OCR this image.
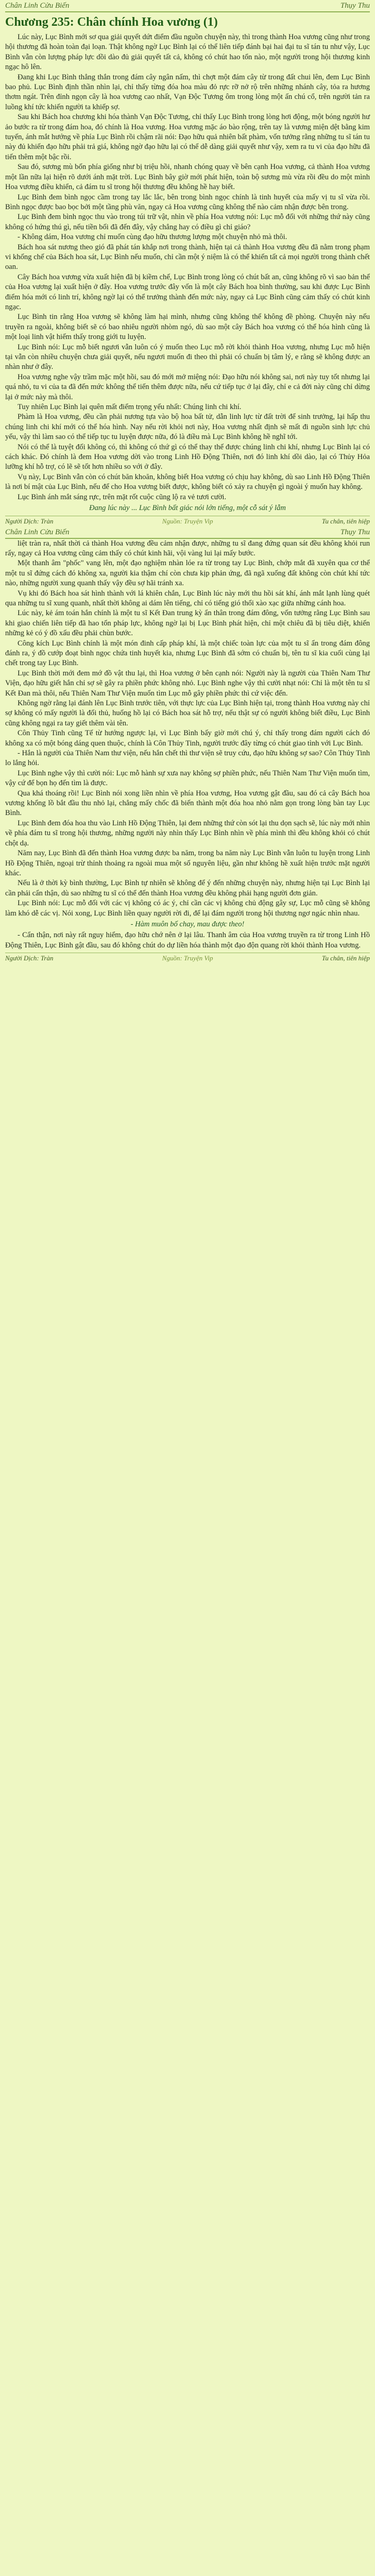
Chân Linh Cửu Biến	Thụy Thu
Chương 235: Chân chính Hoa vương (1)

Lúc này, Lục Bình mới sơ qua giải quyết dứt điểm đầu nguồn chuyện này, thì trong thành Hoa vương cũng như trong hội thương đã hoàn toàn đại loạn. Thật không ngờ Lục Bình lại có thể liên tiếp đánh bại hai đại tu sĩ tán tu như vậy, Lục Bình vẫn còn lượng pháp lực dồi dào đủ giải quyết tất cả, không có chút hao tổn nào, một người trong hội thương kinh ngạc hô lên.

Đang khi Lục Bình thẳng thắn trong đám cây ngân nấm, thì chợt một đám cây từ trong đất chui lên, đem Lục Bình bao phủ. Lục Bình định thần nhìn lại, chỉ thấy từng đóa hoa màu đỏ rực rỡ nở rộ trên những nhánh cây, tỏa ra hương thơm ngát. Trên đỉnh ngọn cây là hoa vương cao nhất, Vạn Độc Tương ôm trong lòng một ấn chú cổ, trên người tản ra luồng khí tức khiến người ta khiếp sợ.

Sau khi Bách hoa chương khi hóa thành Vạn Độc Tương, chỉ thấy Lục Bình trong lòng hơi động, một bóng người hư ảo bước ra từ trong đám hoa, đó chính là Hoa vương. Hoa vương mặc áo bào rộng, trên tay là vương miện dệt bằng kim tuyến, ánh mắt hướng về phía Lục Bình rồi chậm rãi nói: Đạo hữu quả nhiên bất phàm, vốn tưởng rằng những tu sĩ tán tu này đủ khiến đạo hữu phải trả giá, không ngờ đạo hữu lại có thể dễ dàng giải quyết như vậy, xem ra tu vi của đạo hữu đã tiến thêm một bậc rồi.

Sau đó, sương mù bốn phía giống như bị triệu hồi, nhanh chóng quay về bên cạnh Hoa vương, cả thành Hoa vương một lần nữa lại hiện rõ dưới ánh mặt trời. Lục Bình bây giờ mới phát hiện, toàn bộ sương mù vừa rồi đều do một mình Hoa vương điều khiển, cả đám tu sĩ trong hội thương đều không hề hay biết.

Lục Bình đem bình ngọc cầm trong tay lắc lắc, bên trong bình ngọc chính là tinh huyết của mấy vị tu sĩ vừa rồi. Bình ngọc được bao bọc bởi một tầng phù văn, ngay cả Hoa vương cũng không thể nào cảm nhận được bên trong.

Lục Bình đem bình ngọc thu vào trong túi trữ vật, nhìn về phía Hoa vương nói: Lục mỗ đối với những thứ này cũng không có hứng thú gì, nếu tiền bối đã đến đây, vậy chẳng hay có điều gì chỉ giáo?

- Không dám, Hoa vương chỉ muốn cùng đạo hữu thương lượng một chuyện nhỏ mà thôi.

Bách hoa sát nương theo gió đã phát tán khắp nơi trong thành, hiện tại cả thành Hoa vương đều đã nằm trong phạm vi khống chế của Bách hoa sát, Lục Bình nếu muốn, chỉ cần một ý niệm là có thể khiến tất cả mọi người trong thành chết oan.

Cây Bách hoa vương vừa xuất hiện đã bị kiềm chế, Lục Bình trong lòng có chút bất an, cũng không rõ vì sao bản thể của Hoa vương lại xuất hiện ở đây. Hoa vương trước đây vốn là một cây Bách hoa bình thường, sau khi được Lục Bình điểm hóa mới có linh trí, không ngờ lại có thể trưởng thành đến mức này, ngay cả Lục Bình cũng cảm thấy có chút kinh ngạc.

Lục Bình tin rằng Hoa vương sẽ không làm hại mình, nhưng cũng không thể không đề phòng. Chuyện này nếu truyền ra ngoài, không biết sẽ có bao nhiêu người nhòm ngó, dù sao một cây Bách hoa vương có thể hóa hình cũng là một loại linh vật hiếm thấy trong giới tu luyện.

Lục Bình nói: Lục mỗ biết ngươi vẫn luôn có ý muốn theo Lục mỗ rời khỏi thành Hoa vương, nhưng Lục mỗ hiện tại vẫn còn nhiều chuyện chưa giải quyết, nếu ngươi muốn đi theo thì phải có chuẩn bị tâm lý, e rằng sẽ không được an nhàn như ở đây.

Hoa vương nghe vậy trầm mặc một hồi, sau đó mới mở miệng nói: Đạo hữu nói không sai, nơi này tuy tốt nhưng lại quá nhỏ, tu vi của ta đã đến mức không thể tiến thêm được nữa, nếu cứ tiếp tục ở lại đây, chỉ e cả đời này cũng chỉ dừng lại ở mức này mà thôi.

Tuy nhiên Lục Bình lại quên mất điểm trọng yếu nhất: Chúng linh chi khí.

Phàm là Hoa vương, đều cần phải nương tựa vào bộ hoa bất tử, dẫn linh lực từ đất trời để sinh trưởng, lại hấp thu chúng linh chi khí mới có thể hóa hình. Nay nếu rời khỏi nơi này, Hoa vương nhất định sẽ mất đi nguồn sinh lực chủ yếu, vậy thì làm sao có thể tiếp tục tu luyện được nữa, đó là điều mà Lục Bình không hề nghĩ tới.

Nói có thể là tuyệt đối không có, thì không có thứ gì có thể thay thế được chúng linh chi khí, nhưng Lục Bình lại có cách khác. Đó chính là đem Hoa vương dời vào trong Linh Hồ Động Thiên, nơi đó linh khí dồi dào, lại có Thủy Hỏa lưỡng khí hỗ trợ, có lẽ sẽ tốt hơn nhiều so với ở đây.

Vụ này, Lục Bình vẫn còn có chút băn khoăn, không biết Hoa vương có chịu hay không, dù sao Linh Hồ Động Thiên là nơi bí mật của Lục Bình, nếu để cho Hoa vương biết được, không biết có xảy ra chuyện gì ngoài ý muốn hay không.

Lục Bình ánh mắt sáng rực, trên mặt rốt cuộc cũng lộ ra vẻ tươi cười.

Đang lúc này ... Lục Bình bất giác nói lớn tiếng, một cỗ sát ý lẫm

Người Dịch: Tràn	Nguồn: Truyện Vip	Tu chân, tiên hiệp
Chân Linh Cửu Biến	Thụy Thu

liệt tràn ra, nhất thời cả thành Hoa vương đều cảm nhận được, những tu sĩ đang đứng quan sát đều không khỏi run rẩy, ngay cả Hoa vương cũng cảm thấy có chút kinh hãi, vội vàng lui lại mấy bước.

Một thanh âm "phốc" vang lên, một đạo nghiệm nhàn lóe ra từ trong tay Lục Bình, chớp mắt đã xuyên qua cơ thể một tu sĩ đứng cách đó không xa, người kia thậm chí còn chưa kịp phản ứng, đã ngã xuống đất không còn chút khí tức nào, những người xung quanh thấy vậy đều sợ hãi tránh xa.

Vụ khi đó Bách hoa sát hình thành với lá khiên chắn, Lục Bình lúc này mới thu hồi sát khí, ánh mắt lạnh lùng quét qua những tu sĩ xung quanh, nhất thời không ai dám lên tiếng, chỉ có tiếng gió thổi xào xạc giữa những cánh hoa.

Lúc này, kẻ ám toán hắn chính là một tu sĩ Kết Đan trung kỳ ẩn thân trong đám đông, vốn tưởng rằng Lục Bình sau khi giao chiến liên tiếp đã hao tổn pháp lực, không ngờ lại bị Lục Bình phát hiện, chỉ một chiêu đã bị tiêu diệt, khiến những kẻ có ý đồ xấu đều phải chùn bước.

Công kích Lục Bình chính là một món đinh cấp pháp khí, là một chiếc toàn lực của một tu sĩ ẩn trong đám đông đánh ra, ý đồ cướp đoạt bình ngọc chứa tinh huyết kia, nhưng Lục Bình đã sớm có chuẩn bị, tên tu sĩ kia cuối cùng lại chết trong tay Lục Bình.

Lục Bình thời mới đem mớ đồ vật thu lại, thì Hoa vương ở bên cạnh nói: Người này là người của Thiên Nam Thư Viện, đạo hữu giết hắn chỉ sợ sẽ gây ra phiền phức không nhỏ. Lục Bình nghe vậy thì cười nhạt nói: Chỉ là một tên tu sĩ Kết Đan mà thôi, nếu Thiên Nam Thư Viện muốn tìm Lục mỗ gây phiền phức thì cứ việc đến.

Không ngờ rằng lại đánh lên Lục Bình trước tiên, với thực lực của Lục Bình hiện tại, trong thành Hoa vương này chỉ sợ không có mấy người là đối thủ, huống hồ lại có Bách hoa sát hỗ trợ, nếu thật sự có người không biết điều, Lục Bình cũng không ngại ra tay giết thêm vài tên.

Côn Thủy Tinh cũng Tế từ hướng ngược lại, vì Lục Bình bấy giờ mới chú ý, chỉ thấy trong đám người cách đó không xa có một bóng dáng quen thuộc, chính là Côn Thủy Tinh, người trước đây từng có chút giao tình với Lục Bình.

- Hắn là người của Thiên Nam thư viện, nếu hắn chết thì thư viện sẽ truy cứu, đạo hữu không sợ sao? Côn Thủy Tinh lo lắng hỏi.

Lục Bình nghe vậy thì cười nói: Lục mỗ hành sự xưa nay không sợ phiền phức, nếu Thiên Nam Thư Viện muốn tìm, vậy cứ để bọn họ đến tìm là được.

Qua khá thoáng rồi! Lục Bình nói xong liền nhìn về phía Hoa vương, Hoa vương gật đầu, sau đó cả cây Bách hoa vương khổng lồ bắt đầu thu nhỏ lại, chẳng mấy chốc đã biến thành một đóa hoa nhỏ nằm gọn trong lòng bàn tay Lục Bình.

Lục Bình đem đóa hoa thu vào Linh Hồ Động Thiên, lại đem những thứ còn sót lại thu dọn sạch sẽ, lúc này mới nhìn về phía đám tu sĩ trong hội thương, những người này nhìn thấy Lục Bình nhìn về phía mình thì đều không khỏi có chút chột dạ.

Năm nay, Lục Bình đã đến thành Hoa vương được ba năm, trong ba năm này Lục Bình vẫn luôn tu luyện trong Linh Hồ Động Thiên, ngoại trừ thỉnh thoảng ra ngoài mua một số nguyên liệu, gần như không hề xuất hiện trước mặt người khác.

Nếu là ở thời kỳ bình thường, Lục Bình tự nhiên sẽ không để ý đến những chuyện này, nhưng hiện tại Lục Bình lại cần phải cẩn thận, dù sao những tu sĩ có thể đến thành Hoa vương đều không phải hạng người đơn giản.

Lục Bình nói: Lục mỗ đối với các vị không có ác ý, chỉ cần các vị không chủ động gây sự, Lục mỗ cũng sẽ không làm khó dễ các vị. Nói xong, Lục Bình liền quay người rời đi, để lại đám người trong hội thương ngơ ngác nhìn nhau.

- Hàm muôn bố chay, mau được theo!

- Cẩn thận, nơi này rất nguy hiểm, đạo hữu chớ nên ở lại lâu. Thanh âm của Hoa vương truyền ra từ trong Linh Hồ Động Thiên, Lục Bình gật đầu, sau đó không chút do dự liền hóa thành một đạo độn quang rời khỏi thành Hoa vương.

Người Dịch: Tràn	Nguồn: Truyện Vip	Tu chân, tiên hiệp
